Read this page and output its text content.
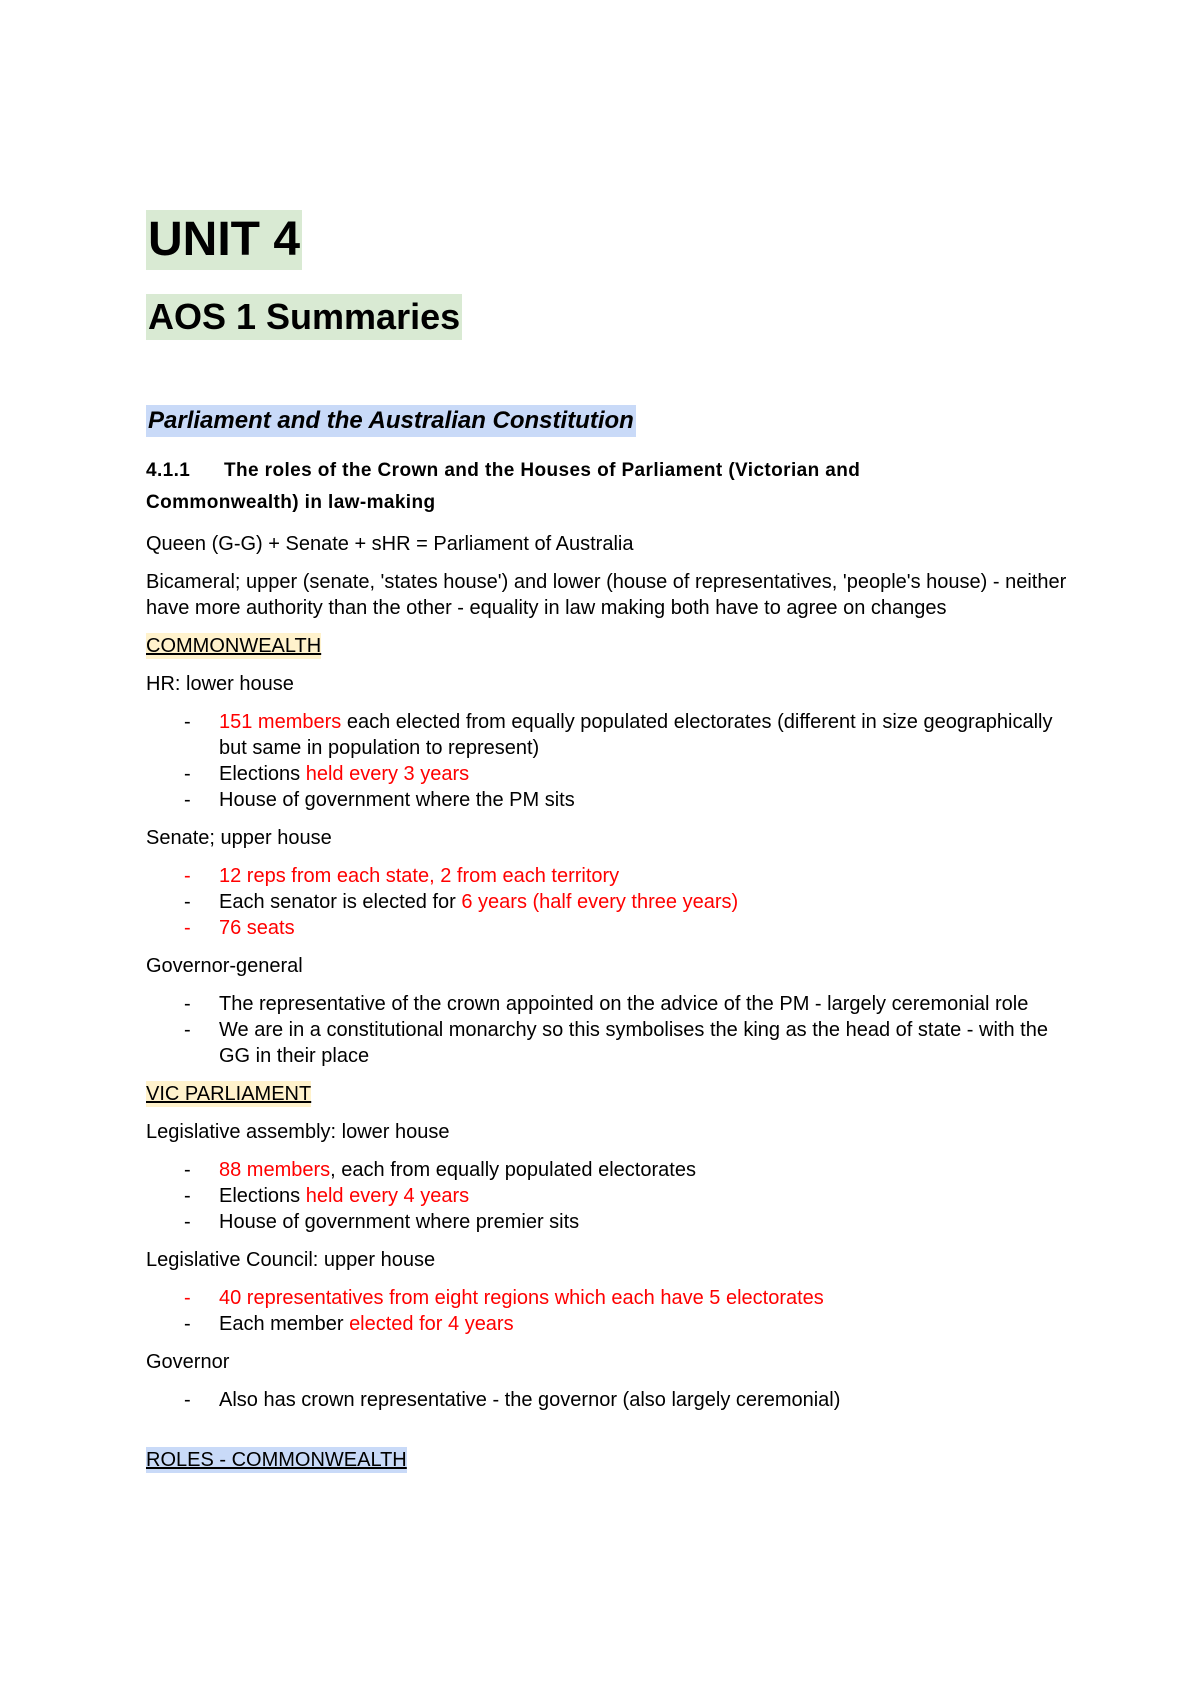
UNIT 4
AOS 1 Summaries
Parliament and the Australian Constitution
4.1.1 The roles of the Crown and the Houses of Parliament (Victorian and
Commonwealth) in law-making

Queen (G-G) + Senate + sHR = Parliament of Australia

Bicameral; upper (senate, 'states house') and lower (house of representatives, 'people's house) - neither have more authority than the other - equality in law making both have to agree on changes

COMMONWEALTH

HR: lower house

- 151 members each elected from equally populated electorates (different in size geographically but same in population to represent)
- Elections held every 3 years
- House of government where the PM sits

Senate; upper house

- 12 reps from each state, 2 from each territory
- Each senator is elected for 6 years (half every three years)
- 76 seats

Governor-general

- The representative of the crown appointed on the advice of the PM - largely ceremonial role
- We are in a constitutional monarchy so this symbolises the king as the head of state - with the GG in their place

VIC PARLIAMENT

Legislative assembly: lower house

- 88 members, each from equally populated electorates
- Elections held every 4 years
- House of government where premier sits

Legislative Council: upper house

- 40 representatives from eight regions which each have 5 electorates
- Each member elected for 4 years

Governor

- Also has crown representative - the governor (also largely ceremonial)

ROLES - COMMONWEALTH
